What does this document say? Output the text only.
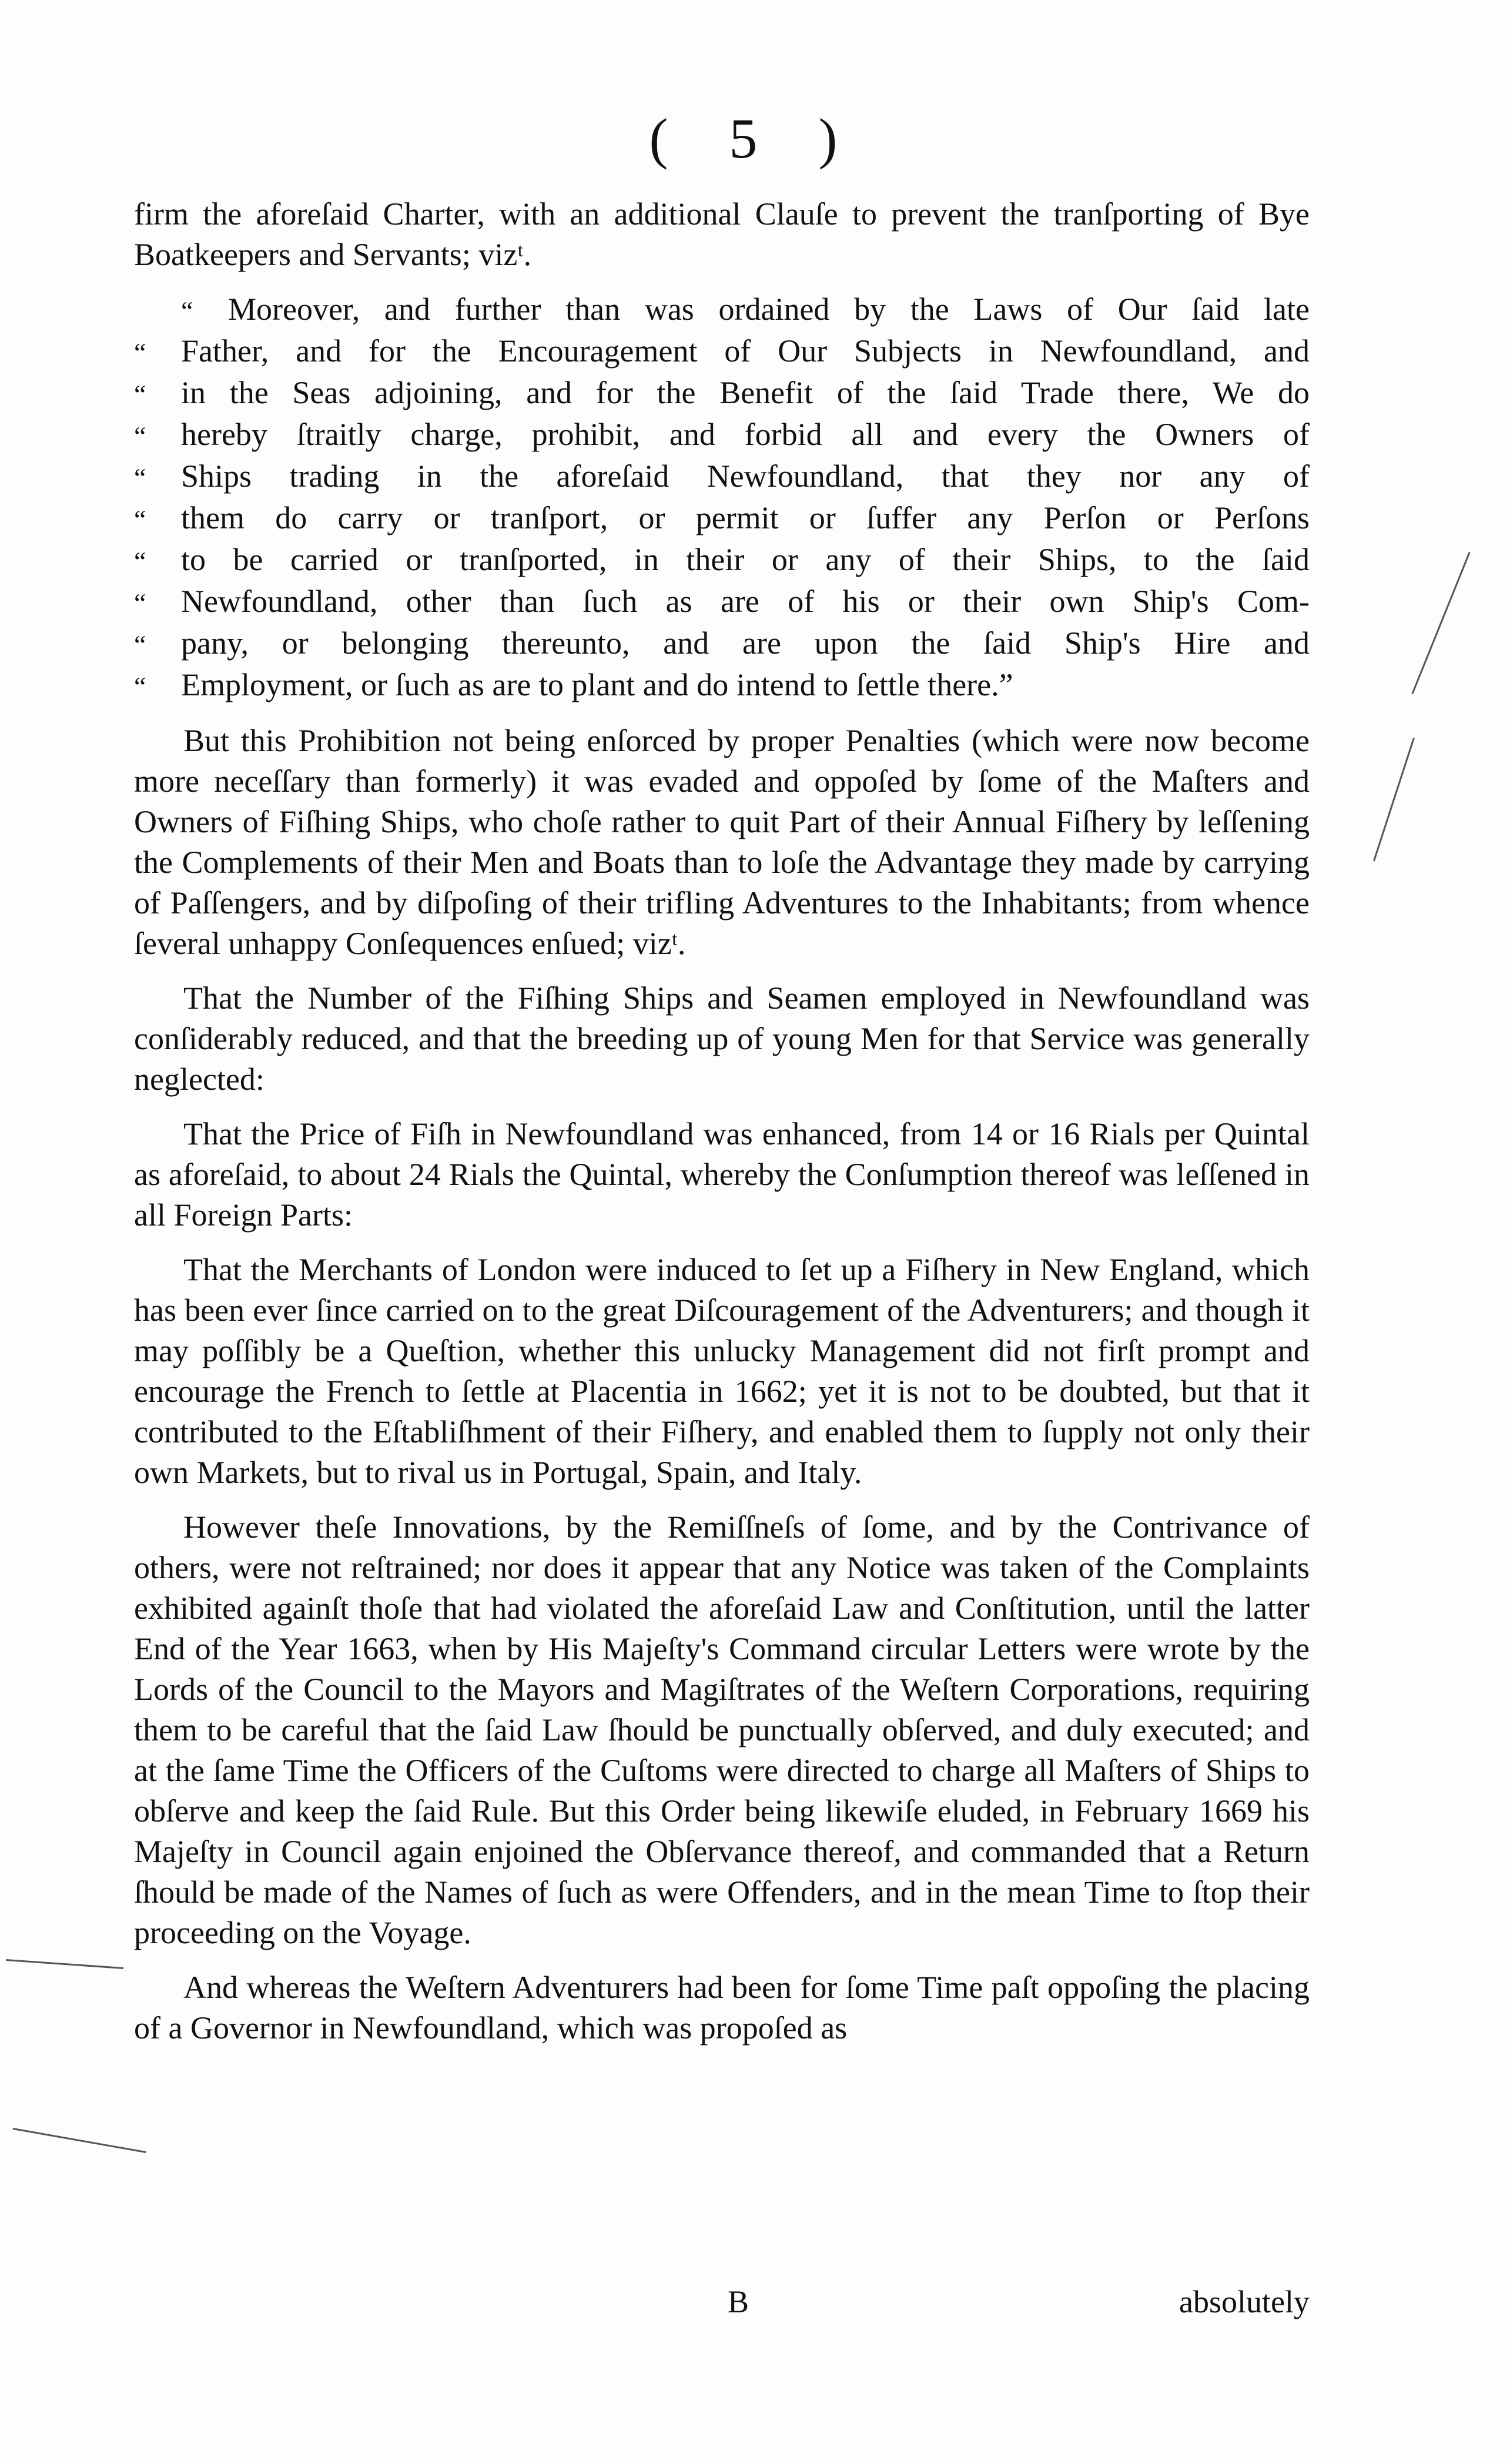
( 5 )

firm the aforeſaid Charter, with an additional Clauſe to prevent the tranſporting of Bye Boatkeepers and Servants; vizᵗ.

“	Moreover, and further than was ordained by the Laws of Our ſaid late
“	Father, and for the Encouragement of Our Subjects in Newfoundland, and
“	in the Seas adjoining, and for the Benefit of the ſaid Trade there, We do
“	hereby ſtraitly charge, prohibit, and forbid all and every the Owners of
“	Ships trading in the aforeſaid Newfoundland, that they nor any of
“	them do carry or tranſport, or permit or ſuffer any Perſon or Perſons
“	to be carried or tranſported, in their or any of their Ships, to the ſaid
“	Newfoundland, other than ſuch as are of his or their own Ship's Com-
“	pany, or belonging thereunto, and are upon the ſaid Ship's Hire and
“	Employment, or ſuch as are to plant and do intend to ſettle there.”

But this Prohibition not being enſorced by proper Penalties (which were now become more neceſſary than formerly) it was evaded and oppoſed by ſome of the Maſters and Owners of Fiſhing Ships, who choſe rather to quit Part of their Annual Fiſhery by leſſening the Complements of their Men and Boats than to loſe the Advantage they made by carrying of Paſſengers, and by diſpoſing of their trifling Adventures to the Inhabitants; from whence ſeveral unhappy Conſequences enſued; vizᵗ.

That the Number of the Fiſhing Ships and Seamen employed in Newfoundland was conſiderably reduced, and that the breeding up of young Men for that Service was generally neglected:

That the Price of Fiſh in Newfoundland was enhanced, from 14 or 16 Rials per Quintal as aforeſaid, to about 24 Rials the Quintal, whereby the Conſumption thereof was leſſened in all Foreign Parts:

That the Merchants of London were induced to ſet up a Fiſhery in New England, which has been ever ſince carried on to the great Diſcouragement of the Adventurers; and though it may poſſibly be a Queſtion, whether this unlucky Management did not firſt prompt and encourage the French to ſettle at Placentia in 1662; yet it is not to be doubted, but that it contributed to the Eſtabliſhment of their Fiſhery, and enabled them to ſupply not only their own Markets, but to rival us in Portugal, Spain, and Italy.

However theſe Innovations, by the Remiſſneſs of ſome, and by the Contrivance of others, were not reſtrained; nor does it appear that any Notice was taken of the Complaints exhibited againſt thoſe that had violated the aforeſaid Law and Conſtitution, until the latter End of the Year 1663, when by His Majeſty's Command circular Letters were wrote by the Lords of the Council to the Mayors and Magiſtrates of the Weſtern Corporations, requiring them to be careful that the ſaid Law ſhould be punctually obſerved, and duly executed; and at the ſame Time the Officers of the Cuſtoms were directed to charge all Maſters of Ships to obſerve and keep the ſaid Rule. But this Order being likewiſe eluded, in February 1669 his Majeſty in Council again enjoined the Obſervance thereof, and commanded that a Return ſhould be made of the Names of ſuch as were Offenders, and in the mean Time to ſtop their proceeding on the Voyage.

And whereas the Weſtern Adventurers had been for ſome Time paſt oppoſing the placing of a Governor in Newfoundland, which was propoſed as

B	absolutely
